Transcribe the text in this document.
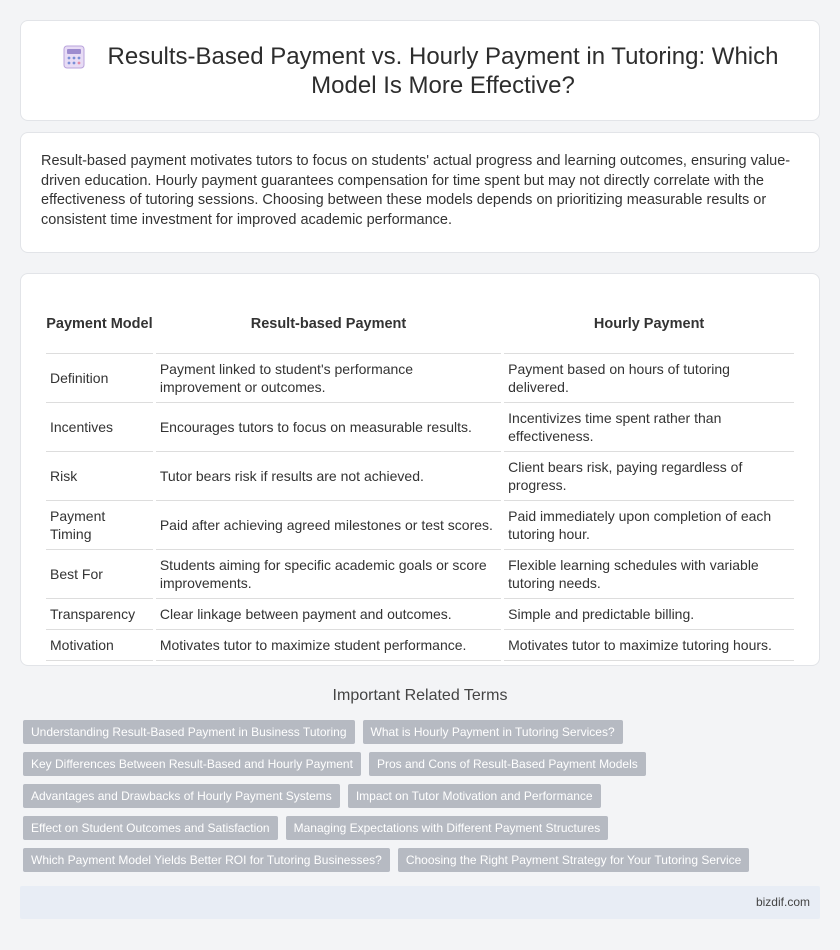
Results-Based Payment vs. Hourly Payment in Tutoring: Which Model Is More Effective?

Result-based payment motivates tutors to focus on students' actual progress and learning outcomes, ensuring value-driven education. Hourly payment guarantees compensation for time spent but may not directly correlate with the effectiveness of tutoring sessions. Choosing between these models depends on prioritizing measurable results or consistent time investment for improved academic performance.

Payment Model	Result-based Payment	Hourly Payment
Definition	Payment linked to student's performance improvement or outcomes.	Payment based on hours of tutoring delivered.
Incentives	Encourages tutors to focus on measurable results.	Incentivizes time spent rather than effectiveness.
Risk	Tutor bears risk if results are not achieved.	Client bears risk, paying regardless of progress.
Payment Timing	Paid after achieving agreed milestones or test scores.	Paid immediately upon completion of each tutoring hour.
Best For	Students aiming for specific academic goals or score improvements.	Flexible learning schedules with variable tutoring needs.
Transparency	Clear linkage between payment and outcomes.	Simple and predictable billing.
Motivation	Motivates tutor to maximize student performance.	Motivates tutor to maximize tutoring hours.
Important Related Terms
Understanding Result-Based Payment in Business Tutoring	What is Hourly Payment in Tutoring Services?
Key Differences Between Result-Based and Hourly Payment	Pros and Cons of Result-Based Payment Models
Advantages and Drawbacks of Hourly Payment Systems	Impact on Tutor Motivation and Performance
Effect on Student Outcomes and Satisfaction	Managing Expectations with Different Payment Structures
Which Payment Model Yields Better ROI for Tutoring Businesses?	Choosing the Right Payment Strategy for Your Tutoring Service
bizdif.com
